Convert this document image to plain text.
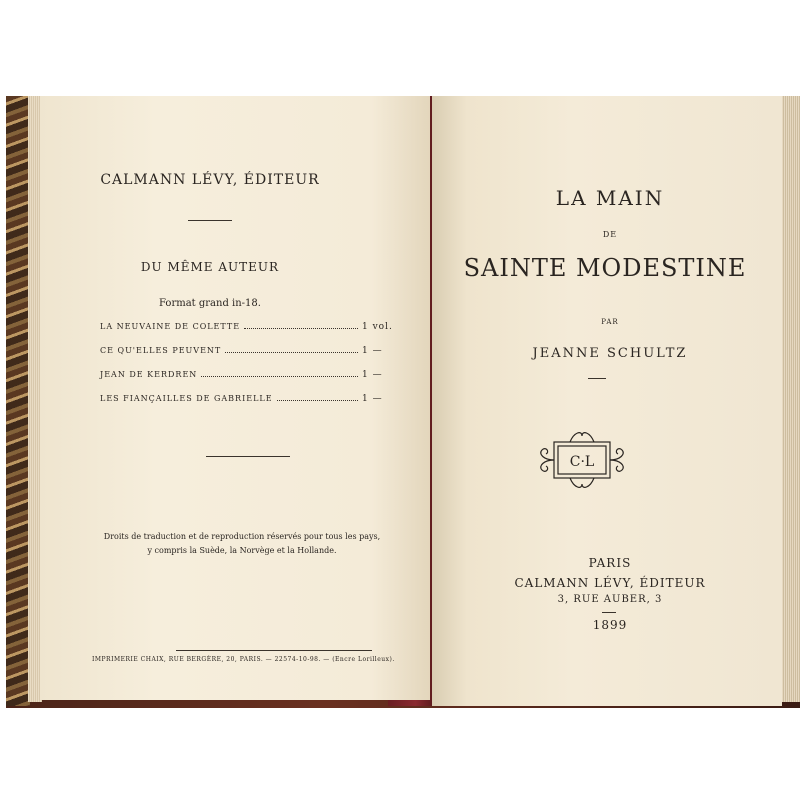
CALMANN LÉVY, ÉDITEUR
DU MÊME AUTEUR
Format grand in-18.
LA NEUVAINE DE COLETTE	1 vol.
CE QU'ELLES PEUVENT	1 —
JEAN DE KERDREN	1 —
LES FIANÇAILLES DE GABRIELLE	1 —
Droits de traduction et de reproduction réservés pour tous les pays,
y compris la Suède, la Norvège et la Hollande.
IMPRIMERIE CHAIX, RUE BERGÈRE, 20, PARIS. — 22574-10-98. — (Encre Lorilleux).
LA MAIN
DE
SAINTE MODESTINE
PAR
JEANNE SCHULTZ
C·L
PARIS
CALMANN LÉVY, ÉDITEUR
3, RUE AUBER, 3
1899
